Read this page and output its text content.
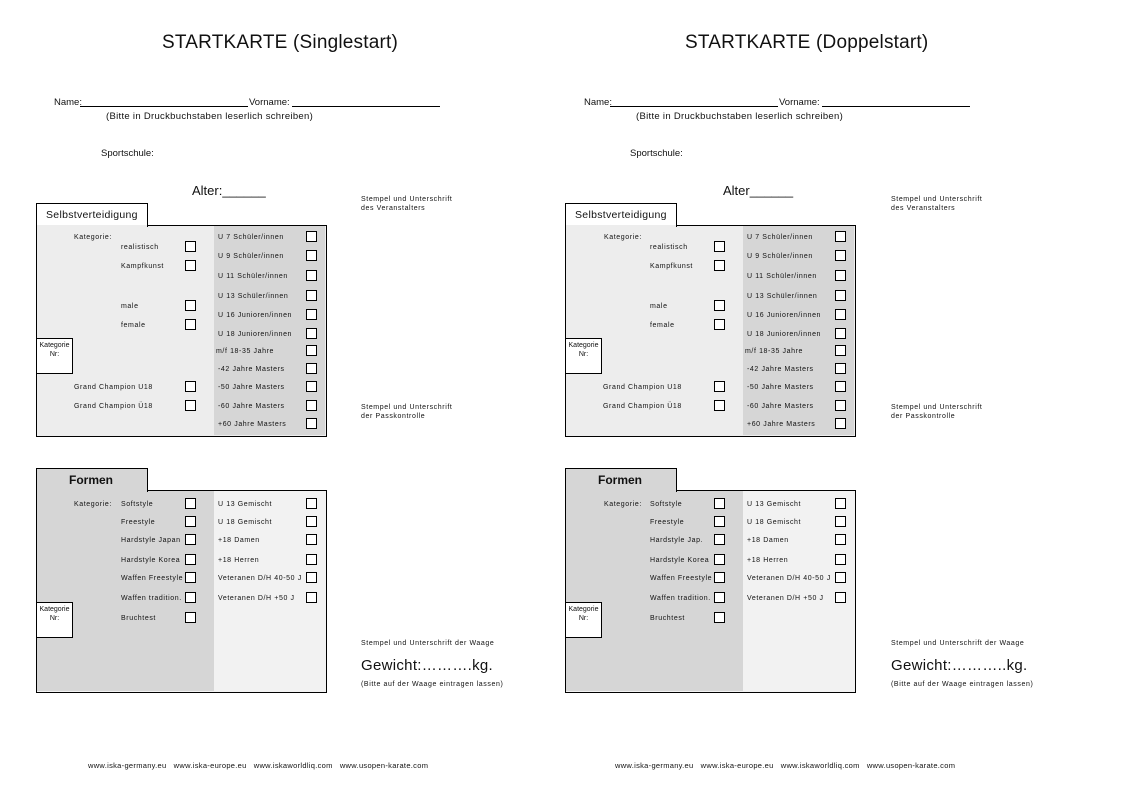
STARTKARTE (Singlestart)
Name:	Vorname:
(Bitte in Druckbuchstaben leserlich schreiben)
Sportschule:
Alter:______
Stempel und Unterschrift
des Veranstalters
Selbstverteidigung
Kategorie:
realistisch
Kampfkunst
male
female
Kategorie
Nr:
Grand Champion U18
Grand Champion Ü18
U 7 Schüler/innen
U 9 Schüler/innen
U 11 Schüler/innen
U 13 Schüler/innen
U 16 Junioren/innen
U 18 Junioren/innen
m/f 18-35 Jahre
-42 Jahre Masters
-50 Jahre Masters
-60 Jahre Masters
+60 Jahre Masters
Stempel und Unterschrift
der Passkontrolle
Formen
Kategorie: Softstyle
Freestyle
Hardstyle Japan
Hardstyle Korea
Waffen Freestyle
Waffen tradition.
Bruchtest
Kategorie
Nr:
U 13 Gemischt
U 18 Gemischt
+18 Damen
+18 Herren
Veteranen D/H 40-50 J
Veteranen D/H +50 J
Stempel und Unterschrift der Waage
Gewicht:……….kg.
(Bitte auf der Waage eintragen lassen)
www.iska-germany.eu   www.iska-europe.eu   www.iskaworldliq.com   www.usopen-karate.com
STARTKARTE (Doppelstart)
Name:	Vorname:
(Bitte in Druckbuchstaben leserlich schreiben)
Sportschule:
Alter______
Stempel und Unterschrift
des Veranstalters
Selbstverteidigung
Kategorie:
realistisch
Kampfkunst
male
female
Kategorie
Nr:
Grand Champion U18
Grand Champion Ü18
U 7 Schüler/innen
U 9 Schüler/innen
U 11 Schüler/innen
U 13 Schüler/innen
U 16 Junioren/innen
U 18 Junioren/innen
m/f 18-35 Jahre
-42 Jahre Masters
-50 Jahre Masters
-60 Jahre Masters
+60 Jahre Masters
Stempel und Unterschrift
der Passkontrolle
Formen
Kategorie: Softstyle
Freestyle
Hardstyle Jap.
Hardstyle Korea
Waffen Freestyle
Waffen tradition.
Bruchtest
Kategorie
Nr:
U 13 Gemischt
U 18 Gemischt
+18 Damen
+18 Herren
Veteranen D/H 40-50 J
Veteranen D/H +50 J
Stempel und Unterschrift der Waage
Gewicht:………..kg.
(Bitte auf der Waage eintragen lassen)
www.iska-germany.eu   www.iska-europe.eu   www.iskaworldliq.com   www.usopen-karate.com
